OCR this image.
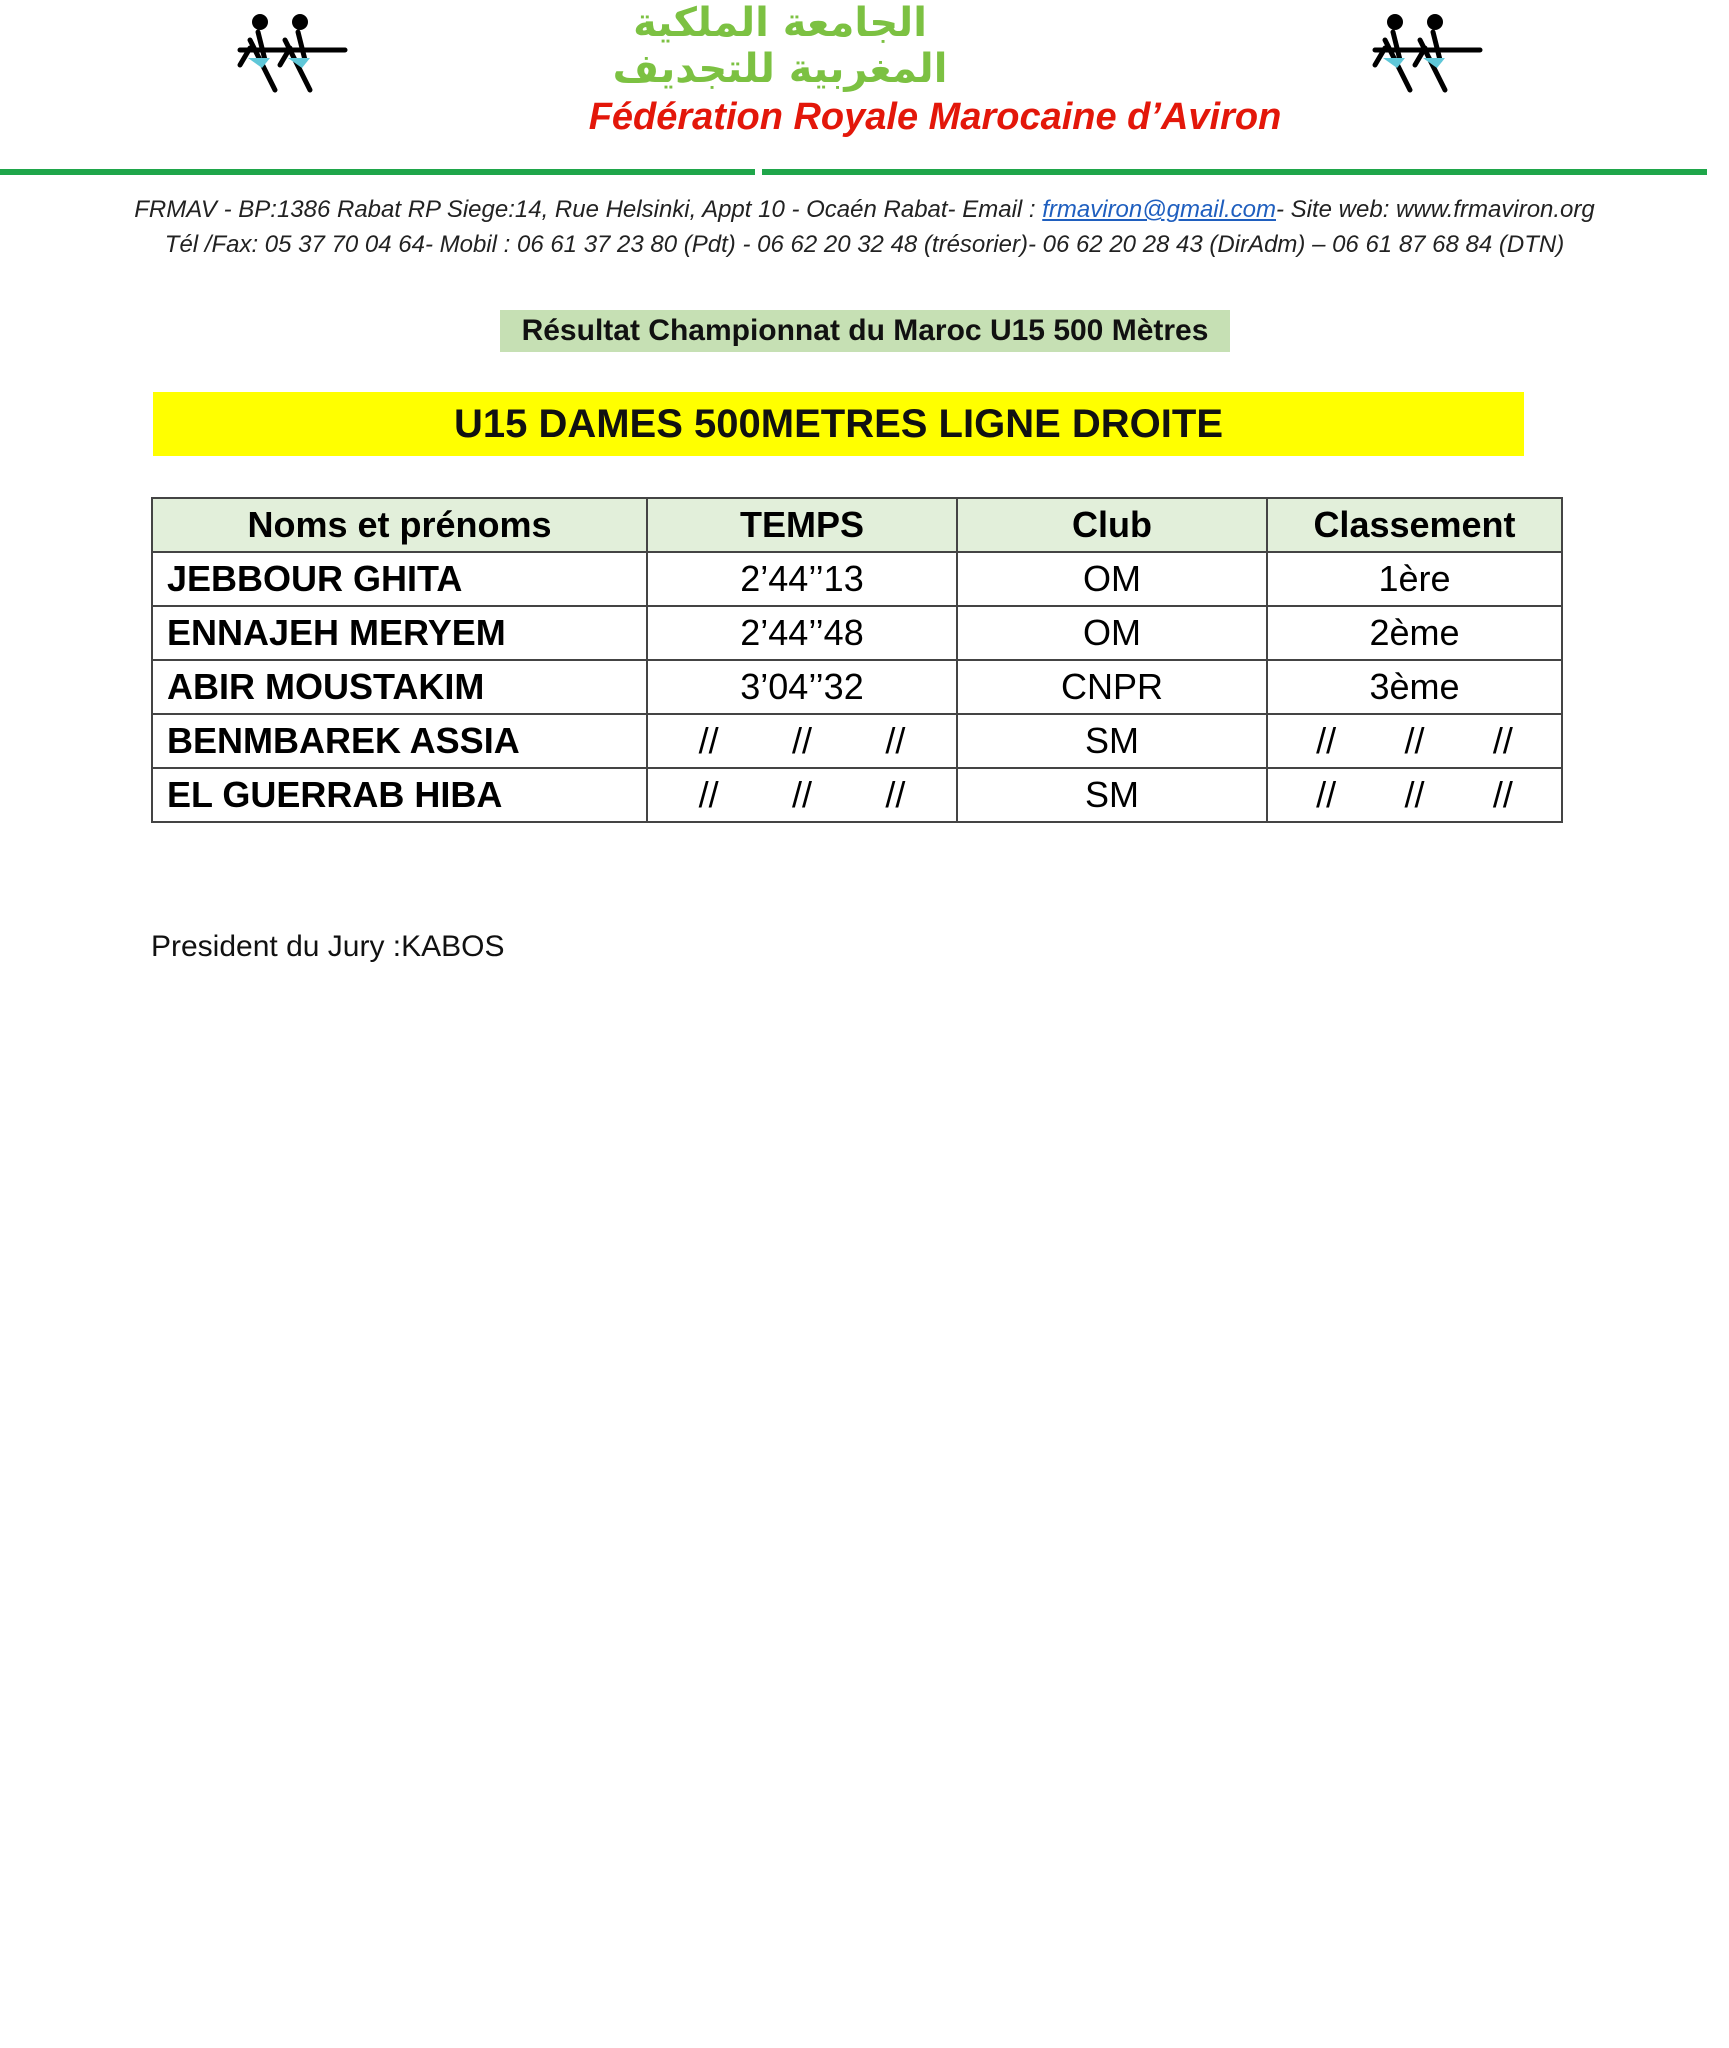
الجامعة الملكية المغربية للتجديف
Fédération Royale Marocaine d’Aviron
FRMAV - BP:1386 Rabat RP Siege:14, Rue Helsinki, Appt 10 - Ocaén Rabat- Email : frmaviron@gmail.com- Site web: www.frmaviron.org
Tél /Fax: 05 37 70 04 64- Mobil : 06 61 37 23 80 (Pdt) - 06 62 20 32 48 (trésorier)- 06 62 20 28 43 (DirAdm) – 06 61 87 68 84 (DTN)
Résultat Championnat du Maroc U15 500 Mètres
U15 DAMES 500METRES LIGNE DROITE
Noms et prénoms	TEMPS	Club	Classement
JEBBOUR GHITA	2’44’’13	OM	1ère
ENNAJEH MERYEM	2’44’’48	OM	2ème
ABIR MOUSTAKIM	3’04’’32	CNPR	3ème
BENMBAREK ASSIA	// // //	SM	// // //

EL GUERRAB HIBA	// // //	SM	// // //
President du Jury :KABOS
